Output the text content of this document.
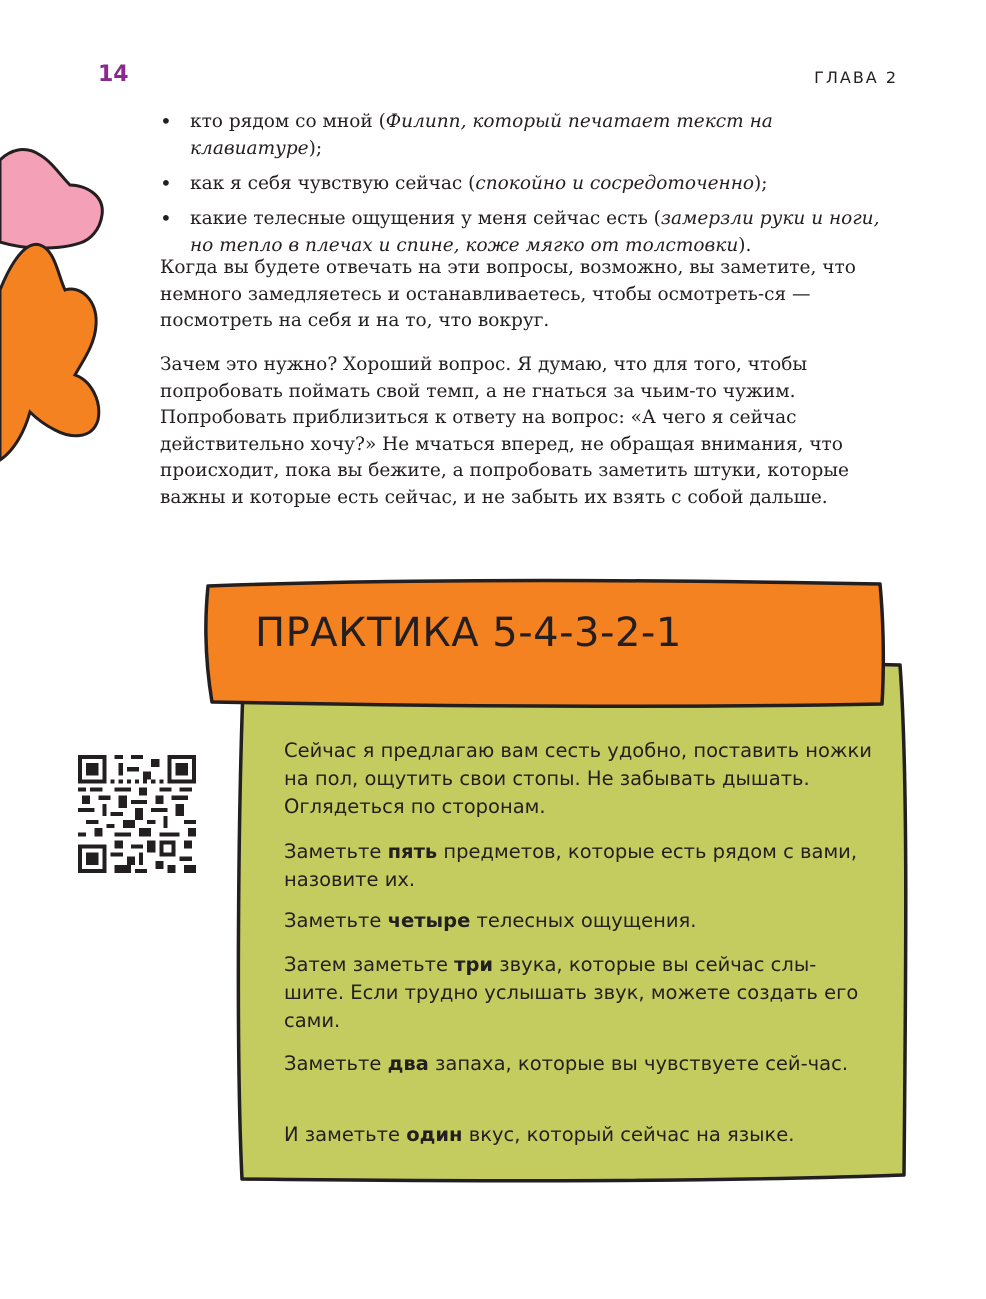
14	ГЛАВА 2
• кто рядом со мной (Филипп, который печатает текст на клавиатуре);
• как я себя чувствую сейчас (спокойно и сосредоточенно);
• какие телесные ощущения у меня сейчас есть (замерзли руки и ноги, но тепло в плечах и спине, коже мягко от толстовки).

Когда вы будете отвечать на эти вопросы, возможно, вы заметите, что немного замедляетесь и останавливаетесь, чтобы осмотреть-ся — посмотреть на себя и на то, что вокруг.

Зачем это нужно? Хороший вопрос. Я думаю, что для того, чтобы попробовать поймать свой темп, а не гнаться за чьим-то чужим. Попробовать приблизиться к ответу на вопрос: «А чего я сейчас действительно хочу?» Не мчаться вперед, не обращая внимания, что происходит, пока вы бежите, а попробовать заметить штуки, которые важны и которые есть сейчас, и не забыть их взять с собой дальше.

ПРАКТИКА 5-4-3-2-1

Сейчас я предлагаю вам сесть удобно, поставить ножки на пол, ощутить свои стопы. Не забывать дышать. Оглядеться по сторонам.

Заметьте пять предметов, которые есть рядом с вами, назовите их.

Заметьте четыре телесных ощущения.

Затем заметьте три звука, которые вы сейчас слы-шите. Если трудно услышать звук, можете создать его сами.

Заметьте два запаха, которые вы чувствуете сей-час.

И заметьте один вкус, который сейчас на языке.
